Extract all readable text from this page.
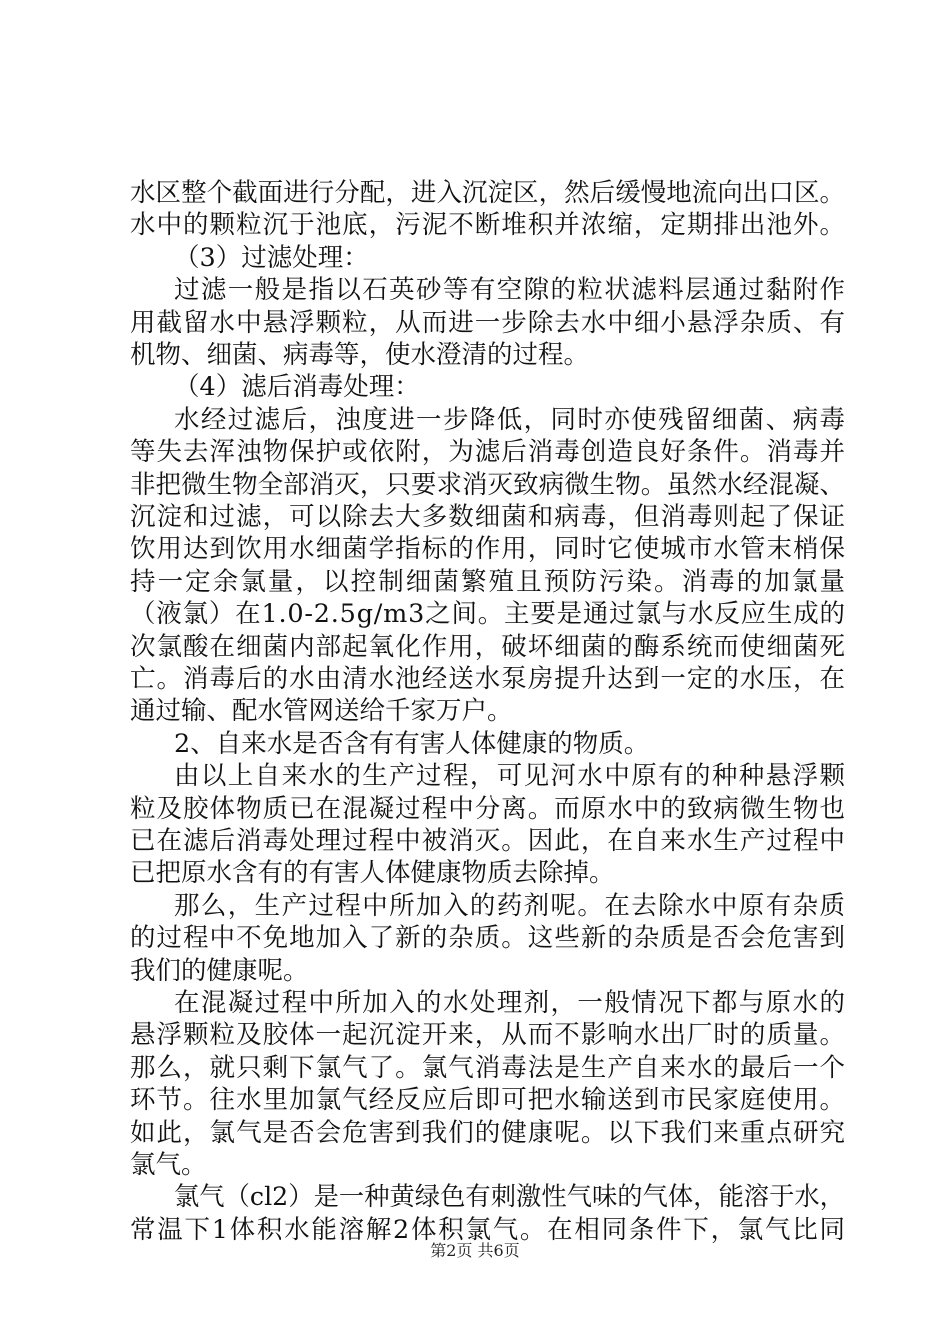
水区整个截面进行分配，进入沉淀区，然后缓慢地流向出口区。
水中的颗粒沉于池底，污泥不断堆积并浓缩，定期排出池外。
（3）过滤处理：
过滤一般是指以石英砂等有空隙的粒状滤料层通过黏附作
用截留水中悬浮颗粒，从而进一步除去水中细小悬浮杂质、有
机物、细菌、病毒等，使水澄清的过程。
（4）滤后消毒处理：
水经过滤后，浊度进一步降低，同时亦使残留细菌、病毒
等失去浑浊物保护或依附，为滤后消毒创造良好条件。消毒并
非把微生物全部消灭，只要求消灭致病微生物。虽然水经混凝、
沉淀和过滤，可以除去大多数细菌和病毒，但消毒则起了保证
饮用达到饮用水细菌学指标的作用，同时它使城市水管末梢保
持一定余氯量，以控制细菌繁殖且预防污染。消毒的加氯量
（液氯）在1.0-2.5g/m3之间。主要是通过氯与水反应生成的
次氯酸在细菌内部起氧化作用，破坏细菌的酶系统而使细菌死
亡。消毒后的水由清水池经送水泵房提升达到一定的水压，在
通过输、配水管网送给千家万户。
2、自来水是否含有有害人体健康的物质。
由以上自来水的生产过程，可见河水中原有的种种悬浮颗
粒及胶体物质已在混凝过程中分离。而原水中的致病微生物也
已在滤后消毒处理过程中被消灭。因此，在自来水生产过程中
已把原水含有的有害人体健康物质去除掉。
那么，生产过程中所加入的药剂呢。在去除水中原有杂质
的过程中不免地加入了新的杂质。这些新的杂质是否会危害到
我们的健康呢。
在混凝过程中所加入的水处理剂，一般情况下都与原水的
悬浮颗粒及胶体一起沉淀开来，从而不影响水出厂时的质量。
那么，就只剩下氯气了。氯气消毒法是生产自来水的最后一个
环节。往水里加氯气经反应后即可把水输送到市民家庭使用。
如此，氯气是否会危害到我们的健康呢。以下我们来重点研究
氯气。
氯气（cl2）是一种黄绿色有刺激性气味的气体，能溶于水，
常温下1体积水能溶解2体积氯气。在相同条件下，氯气比同
第2页 共6页
